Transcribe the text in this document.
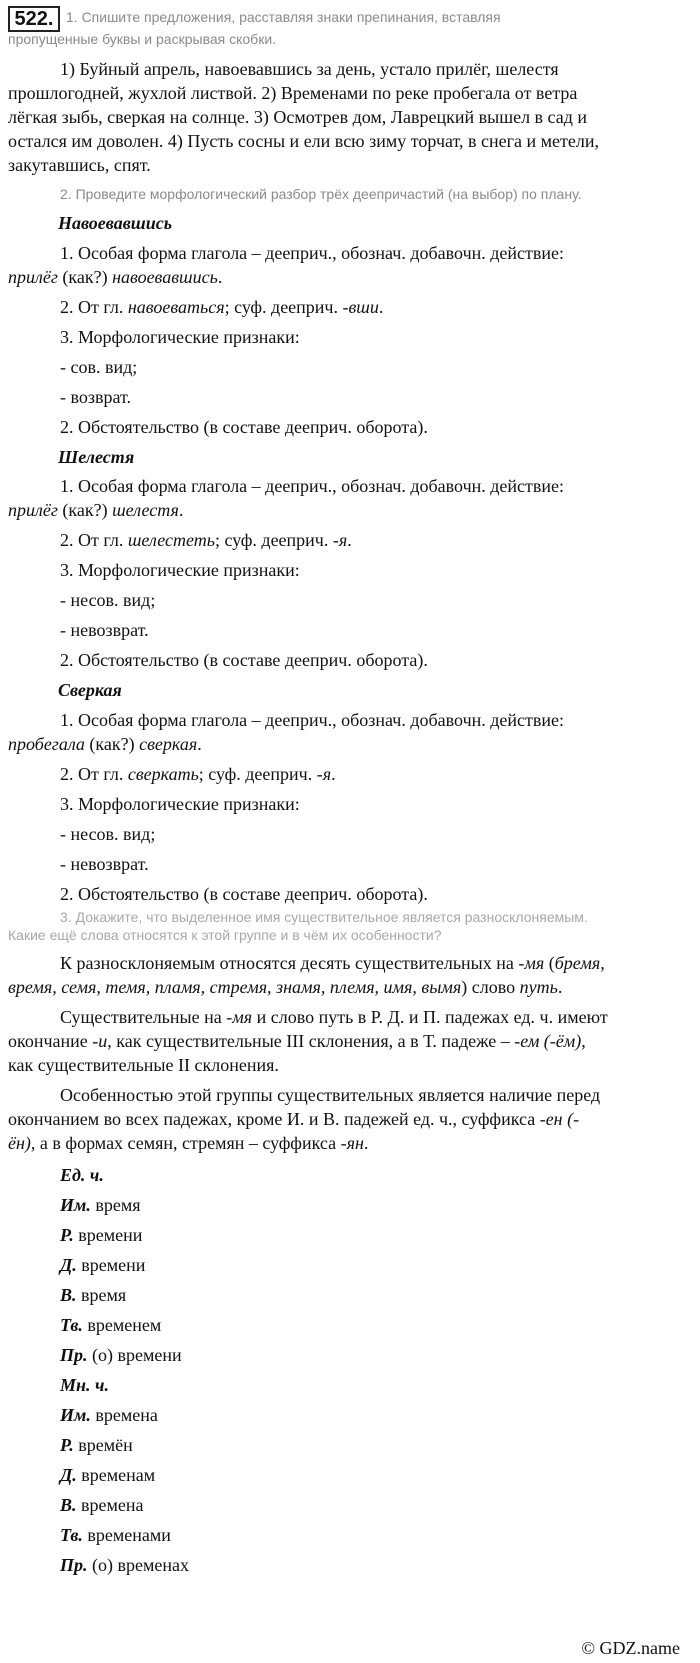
522. 1. Спишите предложения, расставляя знаки препинания, вставляя
пропущенные буквы и раскрывая скобки.
1) Буйный апрель, навоевавшись за день, устало прилёг, шелестя
прошлогодней, жухлой листвой. 2) Временами по реке пробегала от ветра
лёгкая зыбь, сверкая на солнце. 3) Осмотрев дом, Лаврецкий вышел в сад и
остался им доволен. 4) Пусть сосны и ели всю зиму торчат, в снега и метели,
закутавшись, спят.
2. Проведите морфологический разбор трёх деепричастий (на выбор) по плану.
Навоевавшись
1. Особая форма глагола – дееприч., обознач. добавочн. действие:
прилёг (как?) навоевавшись.
2. От гл. навоеваться; суф. дееприч. -вши.
3. Морфологические признаки:
- сов. вид;
- возврат.
2. Обстоятельство (в составе дееприч. оборота).
Шелестя
1. Особая форма глагола – дееприч., обознач. добавочн. действие:
прилёг (как?) шелестя.
2. От гл. шелестеть; суф. дееприч. -я.
3. Морфологические признаки:
- несов. вид;
- невозврат.
2. Обстоятельство (в составе дееприч. оборота).
Сверкая
1. Особая форма глагола – дееприч., обознач. добавочн. действие:
пробегала (как?) сверкая.
2. От гл. сверкать; суф. дееприч. -я.
3. Морфологические признаки:
- несов. вид;
- невозврат.
2. Обстоятельство (в составе дееприч. оборота).
3. Докажите, что выделенное имя существительное является разносклоняемым.
Какие ещё слова относятся к этой группе и в чём их особенности?
К разносклоняемым относятся десять существительных на -мя (бремя,
время, семя, темя, пламя, стремя, знамя, племя, имя, вымя) слово путь.
Существительные на -мя и слово путь в Р. Д. и П. падежах ед. ч. имеют
окончание -и, как существительные III склонения, а в Т. падеже – -ем (-ём),
как существительные II склонения.
Особенностью этой группы существительных является наличие перед
окончанием во всех падежах, кроме И. и В. падежей ед. ч., суффикса -ен (-
ён), а в формах семян, стремян – суффикса -ян.
Ед. ч.
Им. время
Р. времени
Д. времени
В. время
Тв. временем
Пр. (о) времени
Мн. ч.
Им. времена
Р. времён
Д. временам
В. времена
Тв. временами
Пр. (о) временах
© GDZ.name
